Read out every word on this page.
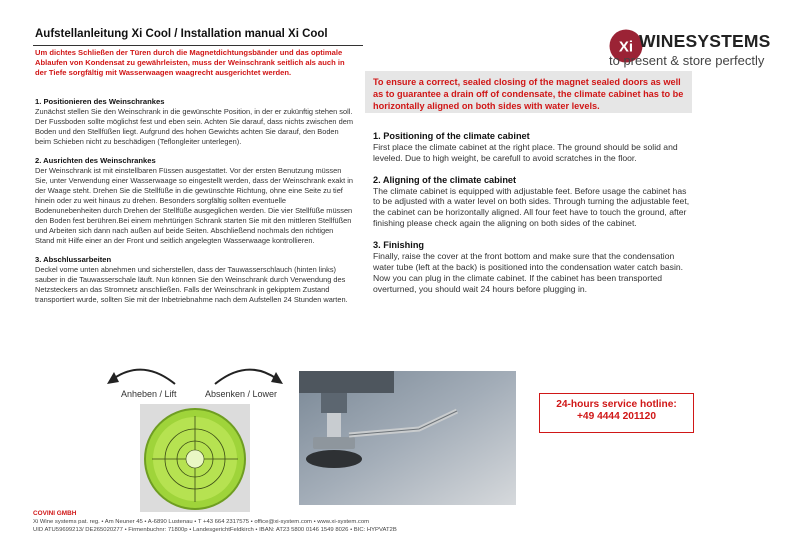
Aufstellanleitung Xi Cool / Installation manual Xi Cool
Xi WINESYSTEMS
to present & store perfectly
Um dichtes Schließen der Türen durch die Magnetdichtungsbänder und das optimale Ablaufen von Kondensat zu gewährleisten, muss der Weinschrank seitlich als auch in der Tiefe sorgfältig mit Wasserwaagen waagrecht ausgerichtet werden.
1. Positionieren des Weinschrankes

Zunächst stellen Sie den Weinschrank in die gewünschte Position, in der er zukünftig stehen soll. Der Fussboden sollte möglichst fest und eben sein. Achten Sie darauf, dass nichts zwischen dem Boden und den Stellfüßen liegt. Aufgrund des hohen Gewichts achten Sie darauf, den Boden beim Schieben nicht zu beschädigen (Teflongleiter unterlegen).

2. Ausrichten des Weinschrankes

Der Weinschrank ist mit einstellbaren Füssen ausgestattet. Vor der ersten Benutzung müssen Sie, unter Verwendung einer Wasserwaage so eingestellt werden, dass der Weinschrank exakt in der Waage steht. Drehen Sie die Stellfüße in die gewünschte Richtung, ohne eine Seite zu tief hinein oder zu weit hinaus zu drehen. Besonders sorgfältig sollten eventuelle Bodenunebenheiten durch Drehen der Stellfüße ausgeglichen werden. Die vier Stellfüße müssen den Boden fest berühren.Bei einem mehrtürigen Schrank starten Sie mit den mittleren Stellfüßen und Arbeiten sich dann nach außen auf beide Seiten. Abschließend nochmals den richtigen Stand mit Hilfe einer an der Front und seitlich angelegten Wasserwaage kontrollieren.

3. Abschlussarbeiten

Deckel vorne unten abnehmen und sicherstellen, dass der Tauwasserschlauch (hinten links) sauber in die Tauwasserschale läuft. Nun können Sie den Weinschrank durch Verwendung des Netzsteckers an das Stromnetz anschließen. Falls der Weinschrank in gekipptem Zustand transportiert wurde, sollten Sie mit der Inbetriebnahme nach dem Aufstellen 24 Stunden warten.

To ensure a correct, sealed closing of the magnet sealed doors as well as to guarantee a drain off of condensate, the climate cabinet has to be horizontally aligned on both sides with water levels.
1. Positioning of the climate cabinet

First place the climate cabinet at the right place. The ground should be solid and leveled. Due to high weight, be carefull to avoid scratches in the floor.

2. Aligning of the climate cabinet

The climate cabinet is equipped with adjustable feet. Before usage the cabinet has to be adjusted with a water level on both sides. Through turning the adjustable feet, the cabinet can be horizontally aligned. All four feet have to touch the ground, after finishing please check again the aligning on both sides of the cabinet.

3. Finishing

Finally, raise the cover at the front bottom and make sure that the condensation water tube (left at the back) is positioned into the condensation water catch basin. Now you can plug in the climate cabinet. If the cabinet has been transported overturned, you should wait 24 hours before plugging in.

Anheben / Lift	Absenken / Lower
24-hours service hotline:
+49 4444 201120
COVINI GMBH
Xi Wine systems pat. reg. • Am Neuner 45 • A-6890 Lustenau • T +43 664 2317575 • office@xi-system.com • www.xi-system.com
UID ATU59699213/ DE265020277 • Firmenbuchnr: 71800p • LandesgerichtFeldkirch • IBAN: AT23 5800 0146 1549 8026 • BIC: HYPVAT2B
